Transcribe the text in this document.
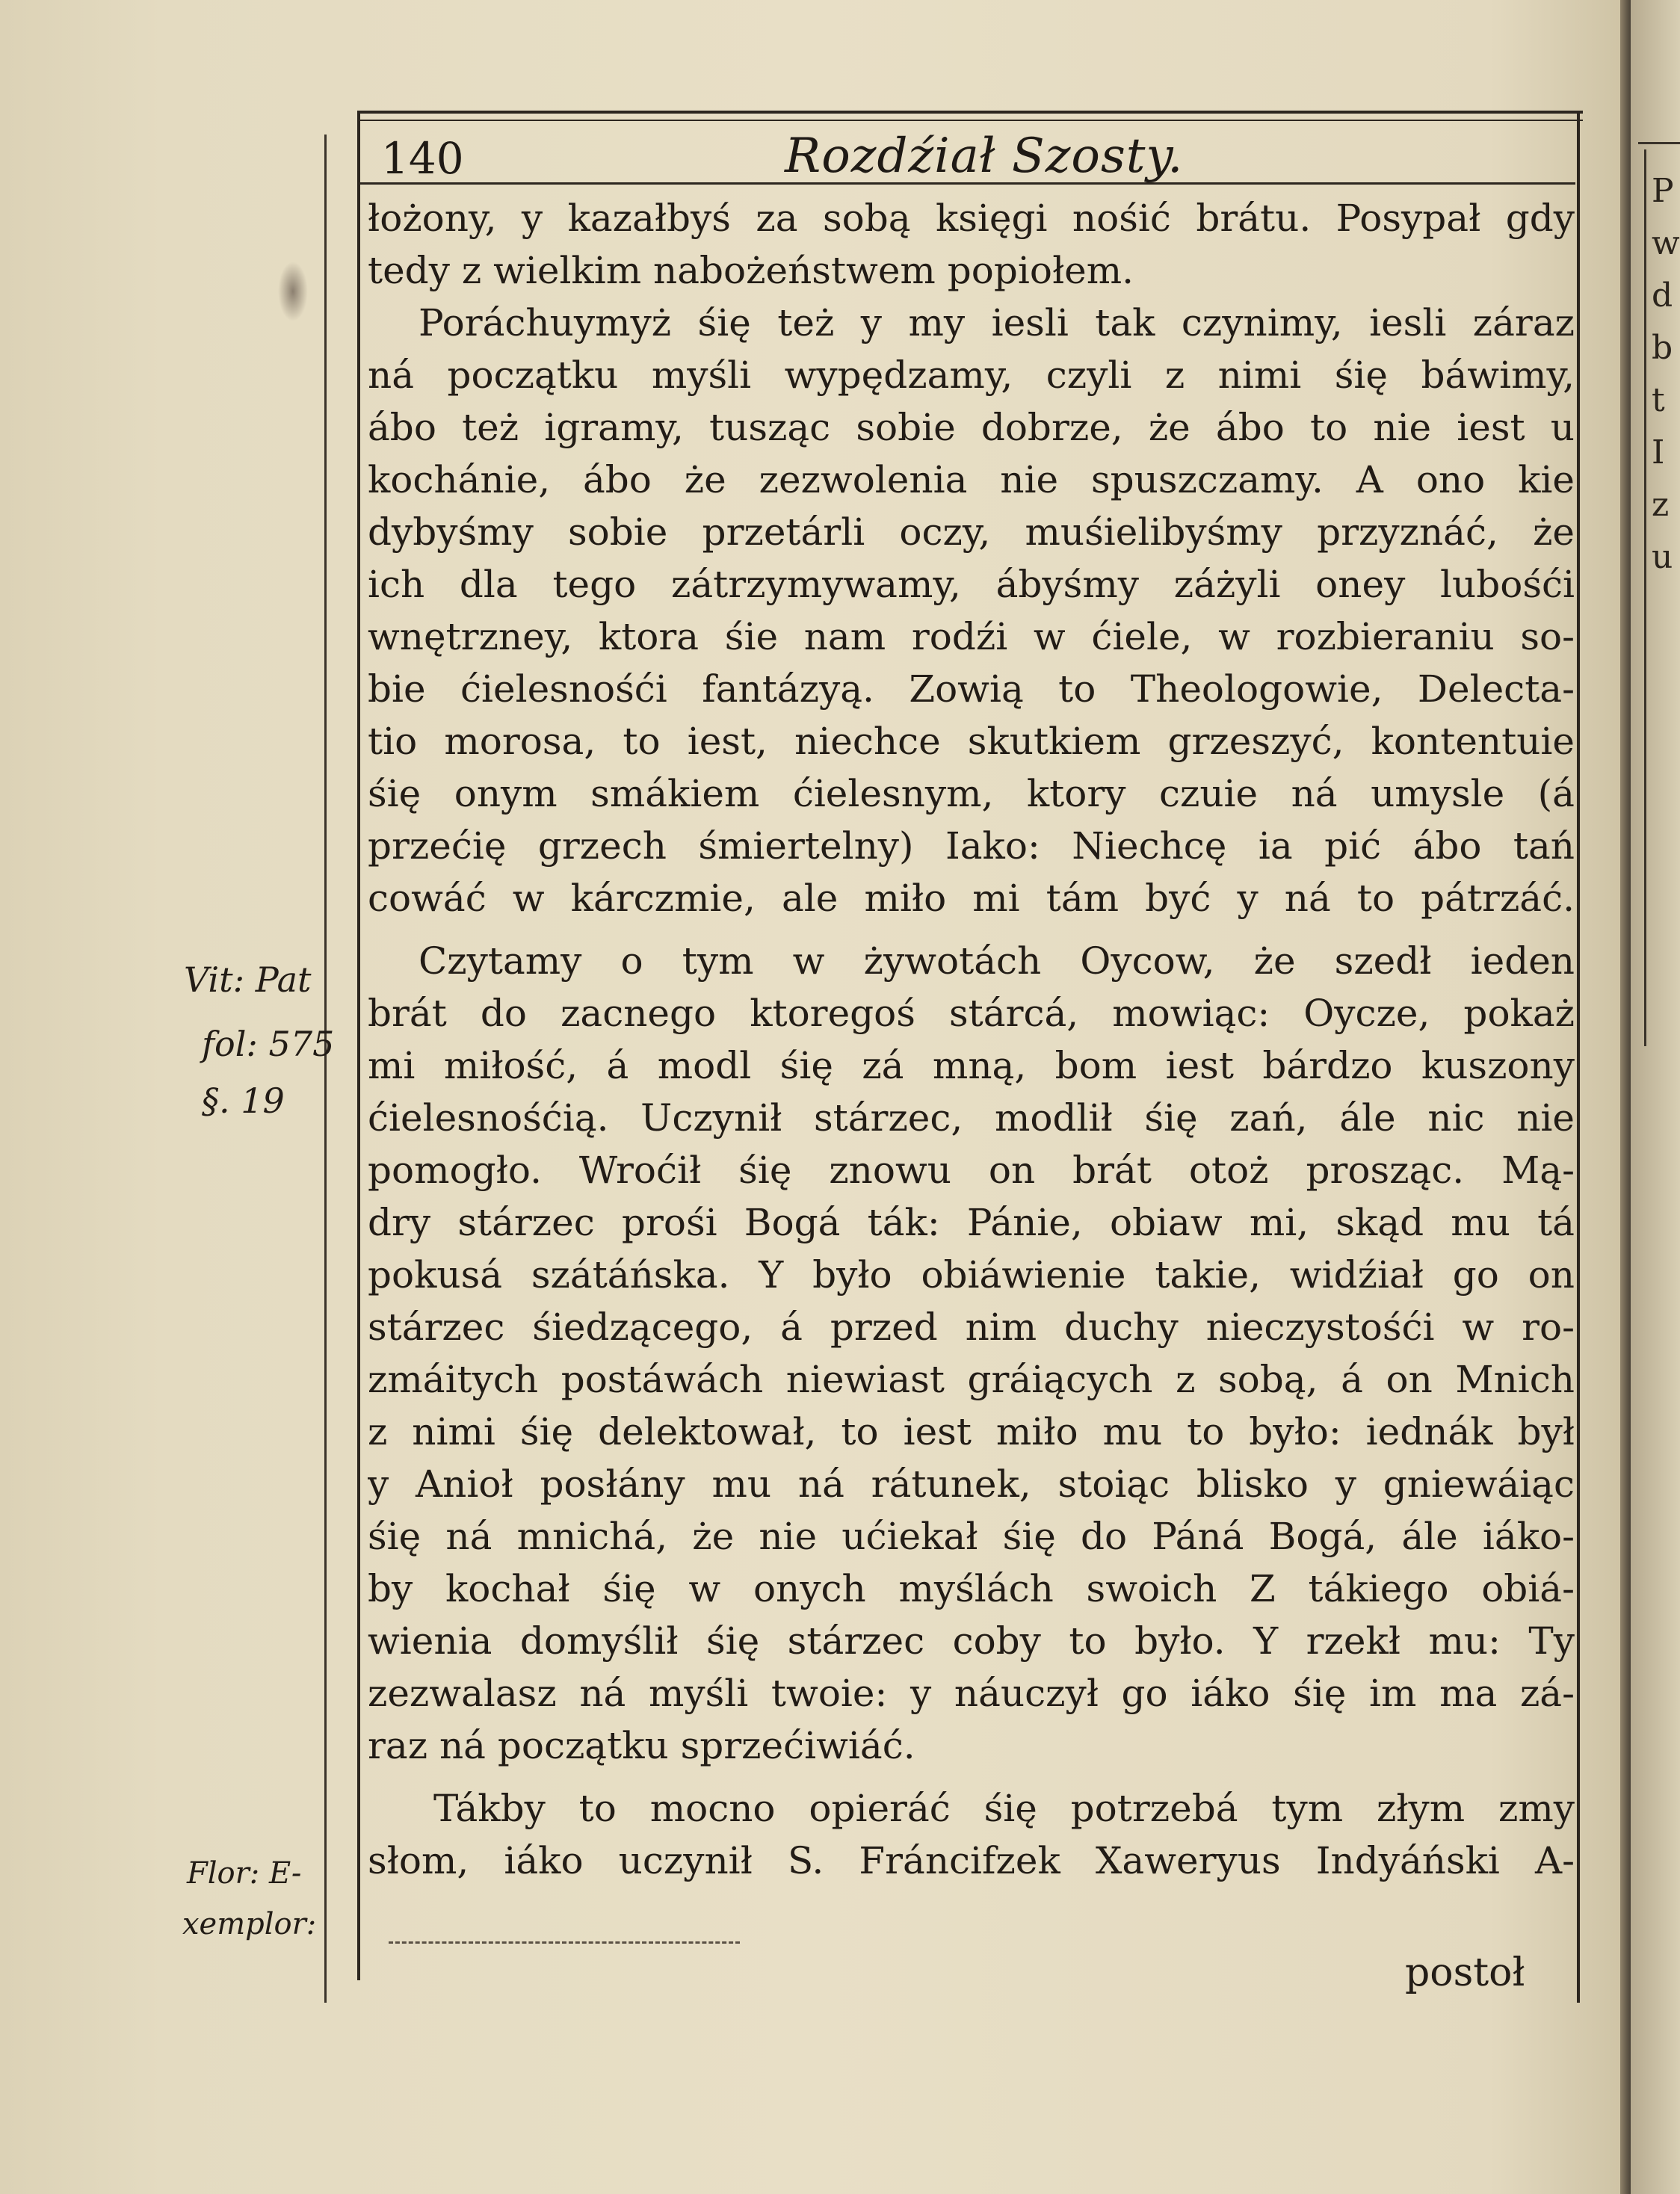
140	Rozdźiał Szosty.
łożony, y kazałbyś za sobą księgi nośić brátu. Posypał gdy
tedy z wielkim nabożeństwem popiołem.
Poráchuymyż śię też y my iesli tak czynimy, iesli záraz
ná początku myśli wypędzamy, czyli z nimi śię báwimy,
ábo też igramy, tusząc sobie dobrze, że ábo to nie iest u
kochánie, ábo że zezwolenia nie spuszczamy. A ono kie
dybyśmy sobie przetárli oczy, muśielibyśmy przyznáć, że
ich dla tego zátrzymywamy, ábyśmy záżyli oney lubośći
wnętrzney, ktora śie nam rodźi w ćiele, w rozbieraniu so-
bie ćielesnośći fantázyą. Zowią to Theologowie, Delecta-
tio morosa, to iest, niechce skutkiem grzeszyć, kontentuie
śię onym smákiem ćielesnym, ktory czuie ná umysle (á
przećię grzech śmiertelny) Iako: Niechcę ia pić ábo tań
cowáć w kárczmie, ale miło mi tám być y ná to pátrzáć.
Czytamy o tym w żywotách Oycow, że szedł ieden
brát do zacnego ktoregoś stárcá, mowiąc: Oycze, pokaż
mi miłość, á modl śię zá mną, bom iest bárdzo kuszony
ćielesnośćią. Uczynił stárzec, modlił śię zań, ále nic nie
pomogło. Wroćił śię znowu on brát otoż prosząc. Mą-
dry stárzec prośi Bogá ták: Pánie, obiaw mi, skąd mu tá
pokusá szátáńska. Y było obiáwienie takie, widźiał go on
stárzec śiedzącego, á przed nim duchy nieczystośći w ro-
zmáitych postáwách niewiast gráiących z sobą, á on Mnich
z nimi śię delektował, to iest miło mu to było: iednák był
y Anioł posłány mu ná rátunek, stoiąc blisko y gniewáiąc
śię ná mnichá, że nie ućiekał śię do Páná Bogá, ále iáko-
by kochał śię w onych myślách swoich Z tákiego obiá-
wienia domyślił śię stárzec coby to było. Y rzekł mu: Ty
zezwalasz ná myśli twoie: y náuczył go iáko śię im ma zá-
raz ná początku sprzećiwiáć.
Tákby to mocno opieráć śię potrzebá tym złym zmy
słom, iáko uczynił S. Fráncifzek Xaweryus Indyáński A-
postoł
Vit: Pat
fol: 575
§. 19
Flor: E-
xemplor:
P
w
d
b
t
I
z
u
